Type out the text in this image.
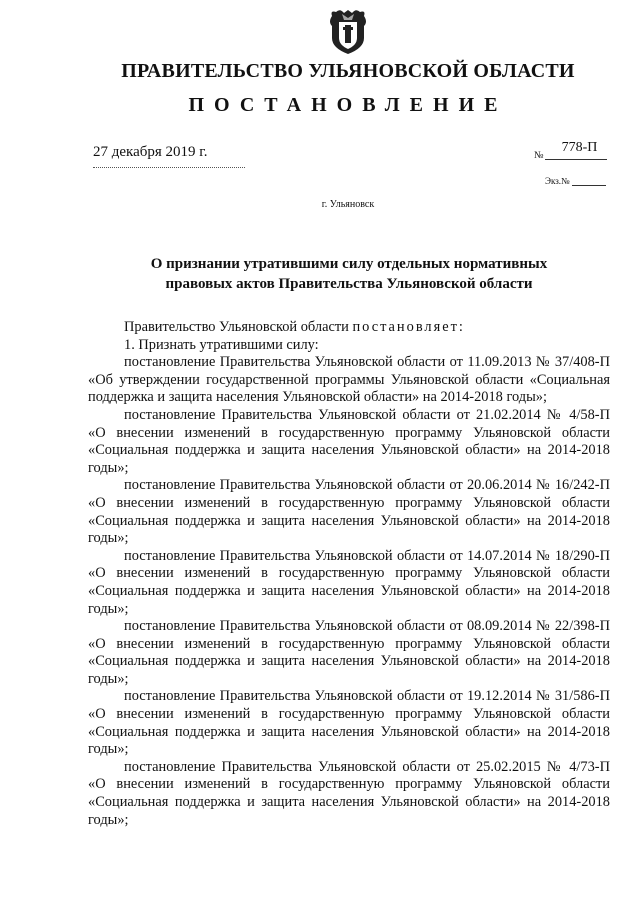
ПРАВИТЕЛЬСТВО УЛЬЯНОВСКОЙ ОБЛАСТИ
ПОСТАНОВЛЕНИЕ
27 декабря 2019 г.	№
778-П
Экз.№
г. Ульяновск
О признании утратившими силу отдельных нормативных
правовых актов Правительства Ульяновской области

Правительство Ульяновской области постановляет:

1. Признать утратившими силу:

постановление Правительства Ульяновской области от 11.09.2013 № 37/408-П «Об утверждении государственной программы Ульяновской области «Социальная поддержка и защита населения Ульяновской области» на 2014-2018 годы»;

постановление Правительства Ульяновской области от 21.02.2014 № 4/58-П «О внесении изменений в государственную программу Ульяновской области «Социальная поддержка и защита населения Ульяновской области» на 2014-2018 годы»;

постановление Правительства Ульяновской области от 20.06.2014 № 16/242-П «О внесении изменений в государственную программу Ульяновской области «Социальная поддержка и защита населения Ульяновской области» на 2014-2018 годы»;

постановление Правительства Ульяновской области от 14.07.2014 № 18/290-П «О внесении изменений в государственную программу Ульяновской области «Социальная поддержка и защита населения Ульяновской области» на 2014-2018 годы»;

постановление Правительства Ульяновской области от 08.09.2014 № 22/398-П «О внесении изменений в государственную программу Ульяновской области «Социальная поддержка и защита населения Ульяновской области» на 2014-2018 годы»;

постановление Правительства Ульяновской области от 19.12.2014 № 31/586-П «О внесении изменений в государственную программу Ульяновской области «Социальная поддержка и защита населения Ульяновской области» на 2014-2018 годы»;

постановление Правительства Ульяновской области от 25.02.2015 № 4/73-П «О внесении изменений в государственную программу Ульяновской области «Социальная поддержка и защита населения Ульяновской области» на 2014-2018 годы»;
